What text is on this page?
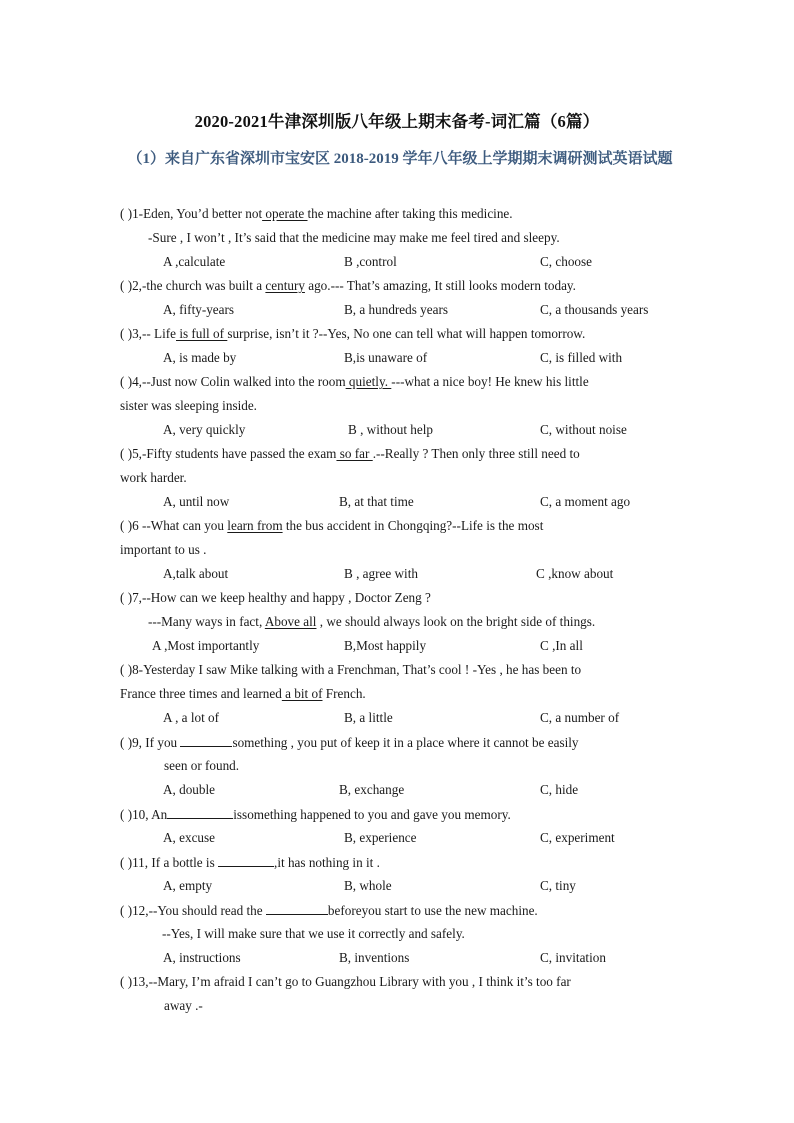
2020-2021牛津深圳版八年级上期末备考-词汇篇（6篇）
（1）来自广东省深圳市宝安区 2018-2019 学年八年级上学期期末调研测试英语试题
( )1-Eden, You’d better not operate the machine after taking this medicine.
-Sure , I won’t , It’s said that the medicine may make me feel tired and sleepy.
A ,calculate	B ,control	C, choose
( )2,-the church was built a century ago.--- That’s amazing, It still looks modern today.
A, fifty-years	B, a hundreds years	C, a thousands years
( )3,-- Life is full of surprise, isn’t it ?--Yes, No one can tell what will happen tomorrow.
A, is made by	B,is unaware of	C, is filled with
( )4,--Just now Colin walked into the room quietly. ---what a nice boy! He knew his little
sister was sleeping inside.
A, very quickly	B , without help	C, without noise
( )5,-Fifty students have passed the exam so far .--Really ? Then only three still need to
work harder.
A, until now	B, at that time	C, a moment ago
( )6 --What can you learn from the bus accident in Chongqing?--Life is the most
important to us .
A,talk about	B , agree with	C ,know about
( )7,--How can we keep healthy and happy , Doctor Zeng ?
---Many ways in fact, Above all , we should always look on the bright side of things.
A ,Most importantly	B,Most happily	C ,In all
( )8-Yesterday I saw Mike talking with a Frenchman, That’s cool ! -Yes , he has been to
France three times and learned a bit of French.
A , a lot of	B, a little	C, a number of
( )9, If you	something , you put of keep it in a place where it cannot be easily
seen or found.
A, double	B, exchange	C, hide
( )10, An	issomething happened to you and gave you memory.
A, excuse	B, experience	C, experiment
( )11, If a bottle is	,it has nothing in it .
A, empty	B, whole	C, tiny
( )12,--You should read the	beforeyou start to use the new machine.
--Yes, I will make sure that we use it correctly and safely.
A, instructions	B, inventions	C, invitation
( )13,--Mary, I’m afraid I can’t go to Guangzhou Library with you , I think it’s too far
away .-
